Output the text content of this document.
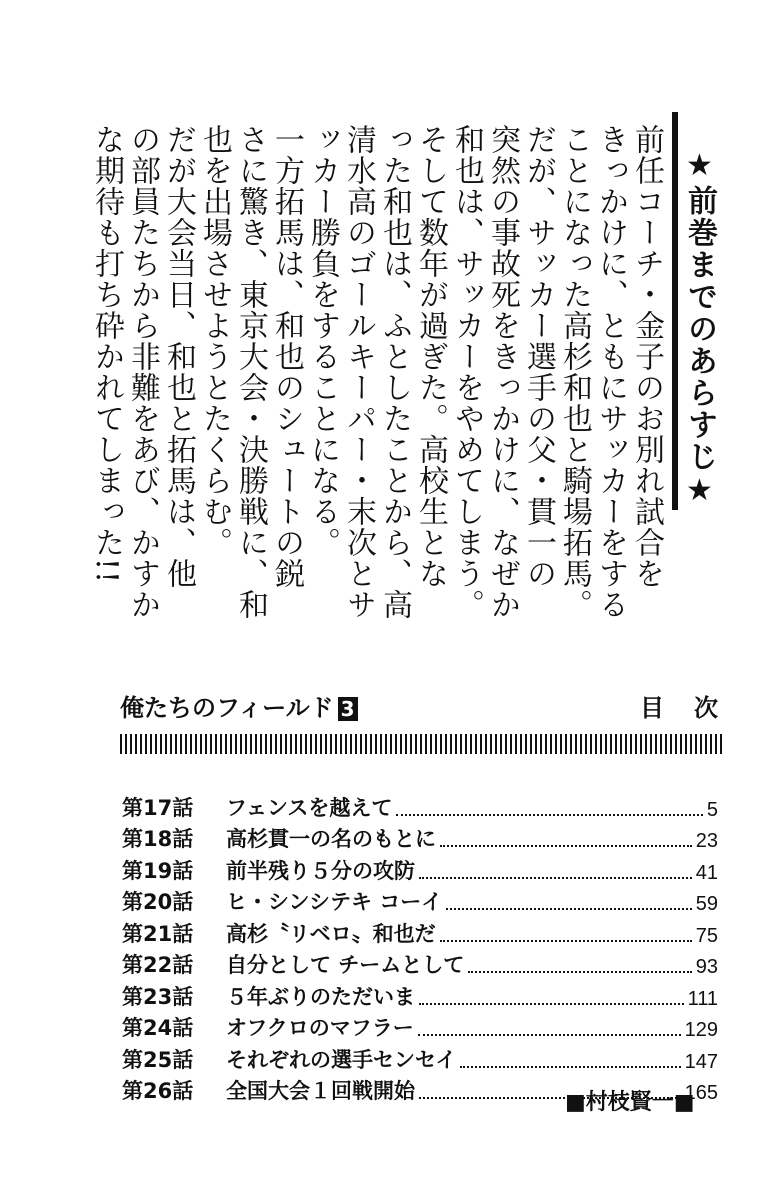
★前巻までのあらすじ★
前任コーチ・金子のお別れ試合を
きっかけに、ともにサッカーをする
ことになった高杉和也と騎場拓馬。
だが、サッカー選手の父・貫一の
突然の事故死をきっかけに、なぜか
和也は、サッカーをやめてしまう。
そして数年が過ぎた。高校生とな
った和也は、ふとしたことから、高
清水高のゴールキーパー・末次とサ
ッカー勝負をすることになる。
一方拓馬は、和也のシュートの鋭
さに驚き、東京大会・決勝戦に、和
也を出場させようとたくらむ。
だが大会当日、和也と拓馬は、他
の部員たちから非難をあび、かすか
な期待も打ち砕かれてしまった!!
俺たちのフィールド 3	目次
第17話	フェンスを越えて	5
第18話	高杉貫一の名のもとに	23
第19話	前半残り５分の攻防	41
第20話	ヒ・シンシテキ コーイ	59
第21話	高杉〝リベロ〟和也だ	75
第22話	自分として チームとして	93
第23話	５年ぶりのただいま	111
第24話	オフクロのマフラー	129
第25話	それぞれの選手センセイ	147
第26話	全国大会１回戦開始	165
■村枝賢一■
